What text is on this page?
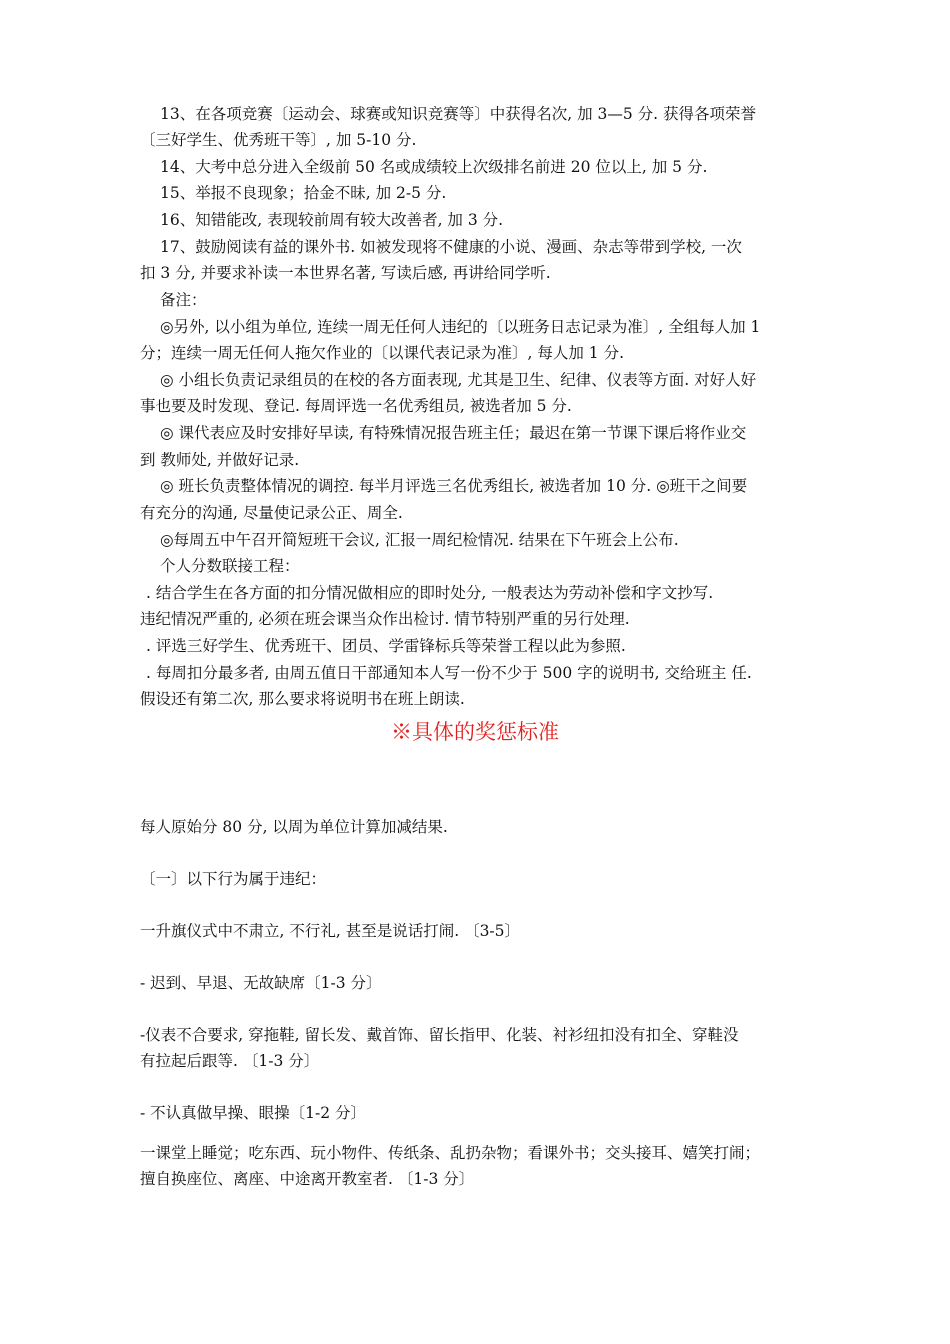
13、在各项竞赛〔运动会、球赛或知识竞赛等〕中获得名次, 加 3—5 分. 获得各项荣誉
〔三好学生、优秀班干等〕, 加 5-10 分.
14、大考中总分进入全级前 50 名或成绩较上次级排名前进 20 位以上, 加 5 分.
15、举报不良现象；拾金不昧, 加 2-5 分.
16、知错能改, 表现较前周有较大改善者, 加 3 分.
17、鼓励阅读有益的课外书. 如被发现将不健康的小说、漫画、杂志等带到学校, 一次
扣 3 分, 并要求补读一本世界名著, 写读后感, 再讲给同学听.
备注：
◎另外, 以小组为单位, 连续一周无任何人违纪的〔以班务日志记录为准〕, 全组每人加 1
分；连续一周无任何人拖欠作业的〔以课代表记录为准〕, 每人加 1 分.
◎ 小组长负责记录组员的在校的各方面表现, 尤其是卫生、纪律、仪表等方面. 对好人好
事也要及时发现、登记. 每周评选一名优秀组员, 被选者加 5 分.
◎ 课代表应及时安排好早读, 有特殊情况报告班主任；最迟在第一节课下课后将作业交
到 教师处, 并做好记录.
◎ 班长负责整体情况的调控. 每半月评选三名优秀组长, 被选者加 10 分. ◎班干之间要
有充分的沟通, 尽量使记录公正、周全.
◎每周五中午召开简短班干会议, 汇报一周纪检情况. 结果在下午班会上公布.
个人分数联接工程：
. 结合学生在各方面的扣分情况做相应的即时处分, 一般表达为劳动补偿和字文抄写.
违纪情况严重的, 必须在班会课当众作出检讨. 情节特别严重的另行处理.
. 评选三好学生、优秀班干、团员、学雷锋标兵等荣誉工程以此为参照.
. 每周扣分最多者, 由周五值日干部通知本人写一份不少于 500 字的说明书, 交给班主 任.
假设还有第二次, 那么要求将说明书在班上朗读.
※具体的奖惩标准
每人原始分 80 分, 以周为单位计算加减结果.
〔一〕以下行为属于违纪：
一升旗仪式中不肃立, 不行礼, 甚至是说话打闹. 〔3-5〕
- 迟到、早退、无故缺席〔1-3 分〕
-仪表不合要求, 穿拖鞋, 留长发、戴首饰、留长指甲、化装、衬衫纽扣没有扣全、穿鞋没
有拉起后跟等. 〔1-3 分〕
- 不认真做早操、眼操〔1-2 分〕
一课堂上睡觉；吃东西、玩小物件、传纸条、乱扔杂物；看课外书；交头接耳、嬉笑打闹；
擅自换座位、离座、中途离开教室者. 〔1-3 分〕
